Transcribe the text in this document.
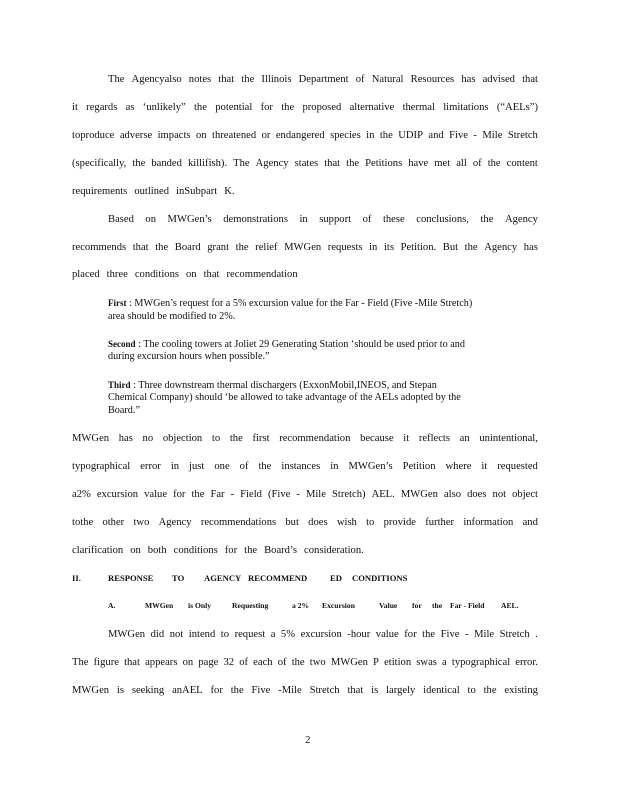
The Agencyalso notes that the Illinois Department of Natural Resources has advised that
it regards as ‘unlikely” the potential for the proposed alternative thermal limitations (“AELs”)
toproduce adverse impacts on threatened or endangered species in the UDIP and Five - Mile Stretch
(specifically, the banded killifish). The Agency states that the Petitions have met all of the content
requirements outlined inSubpart K.
Based on MWGen’s demonstrations in support of these conclusions, the Agency
recommends that the Board grant the relief MWGen requests in its Petition. But the Agency has
placed three conditions on that recommendation
First : MWGen’s request for a 5% excursion value for the Far - Field (Five -Mile Stretch)
area should be modified to 2%.
Second : The cooling towers at Joliet 29 Generating Station ‘should be used prior to and
during excursion hours when possible.”
Third : Three downstream thermal dischargers (ExxonMobil,INEOS, and Stepan
Chemical Company) should ‘be allowed to take advantage of the AELs adopted by the
Board.”
MWGen has no objection to the first recommendation because it reflects an unintentional,
typographical error in just one of the instances in MWGen’s Petition where it requested
a2% excursion value for the Far - Field (Five - Mile Stretch) AEL. MWGen also does not object
tothe other two Agency recommendations but does wish to provide further information and
clarification on both conditions for the Board’s consideration.
II.	RESPONSE TO AGENCY RECOMMEND	ED CONDITIONS
A.	MWGen is Only	Requesting	a 2% Excursion	Value for the Far - Field AEL.
MWGen did not intend to request a 5% excursion -hour value for the Five - Mile Stretch .
The figure that appears on page 32 of each of the two MWGen P etition swas a typographical error.
MWGen is seeking anAEL for the Five -Mile Stretch that is largely identical to the existing
2
